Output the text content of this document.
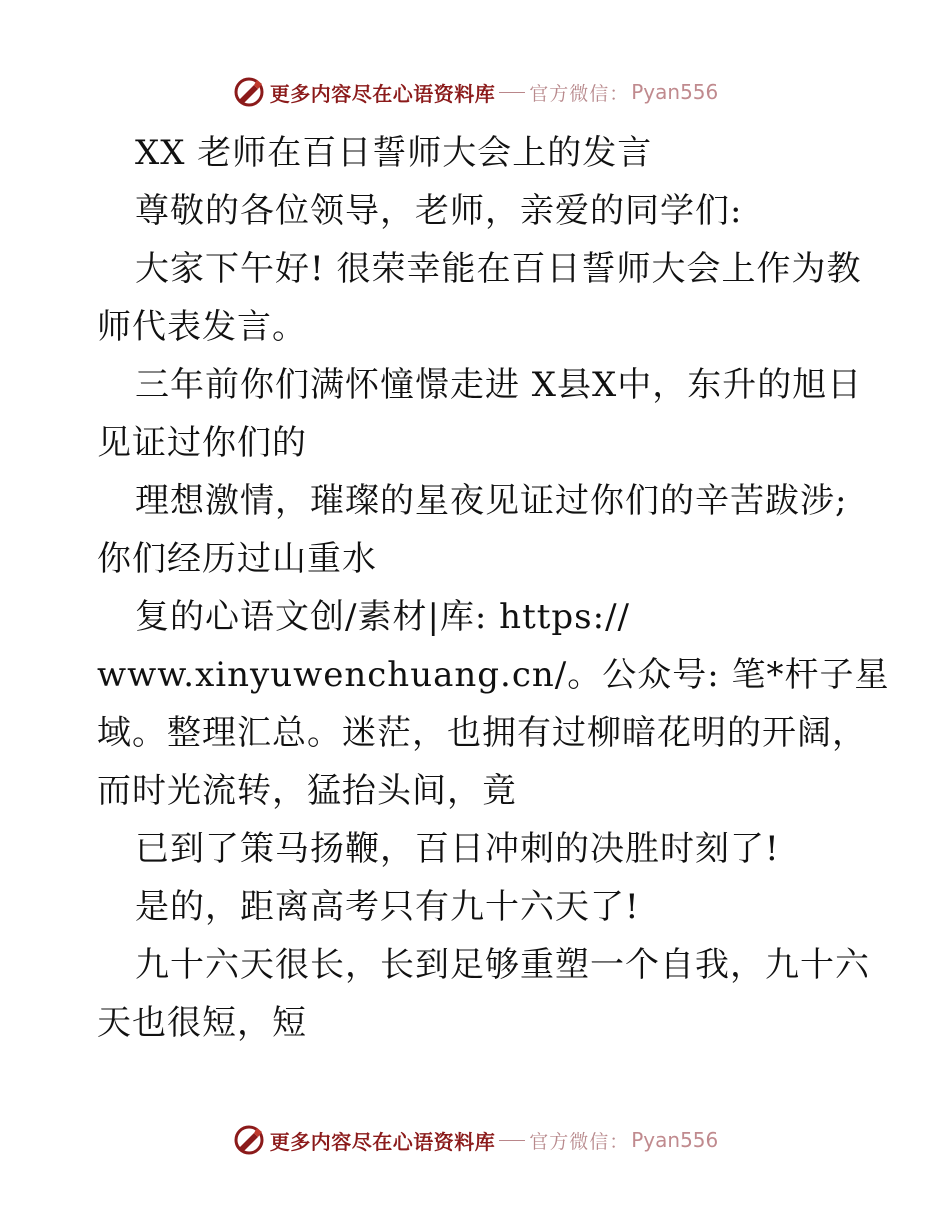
更多内容尽在心语资料库 官方微信： Pyan556
XX 老师在百日誓师大会上的发言
尊敬的各位领导，老师，亲爱的同学们:
大家下午好! 很荣幸能在百日誓师大会上作为教
师代表发言。
三年前你们满怀憧憬走进 X县X中，东升的旭日
见证过你们的
理想激情，璀璨的星夜见证过你们的辛苦跋涉;
你们经历过山重水
复的心语文创/素材|库: https://
www.xinyuwenchuang.cn/。公众号: 笔*杆子星
域。整理汇总。迷茫，也拥有过柳暗花明的开阔，
而时光流转，猛抬头间，竟
已到了策马扬鞭，百日冲刺的决胜时刻了!
是的，距离高考只有九十六天了!
九十六天很长，长到足够重塑一个自我，九十六
天也很短，短
更多内容尽在心语资料库 官方微信： Pyan556
